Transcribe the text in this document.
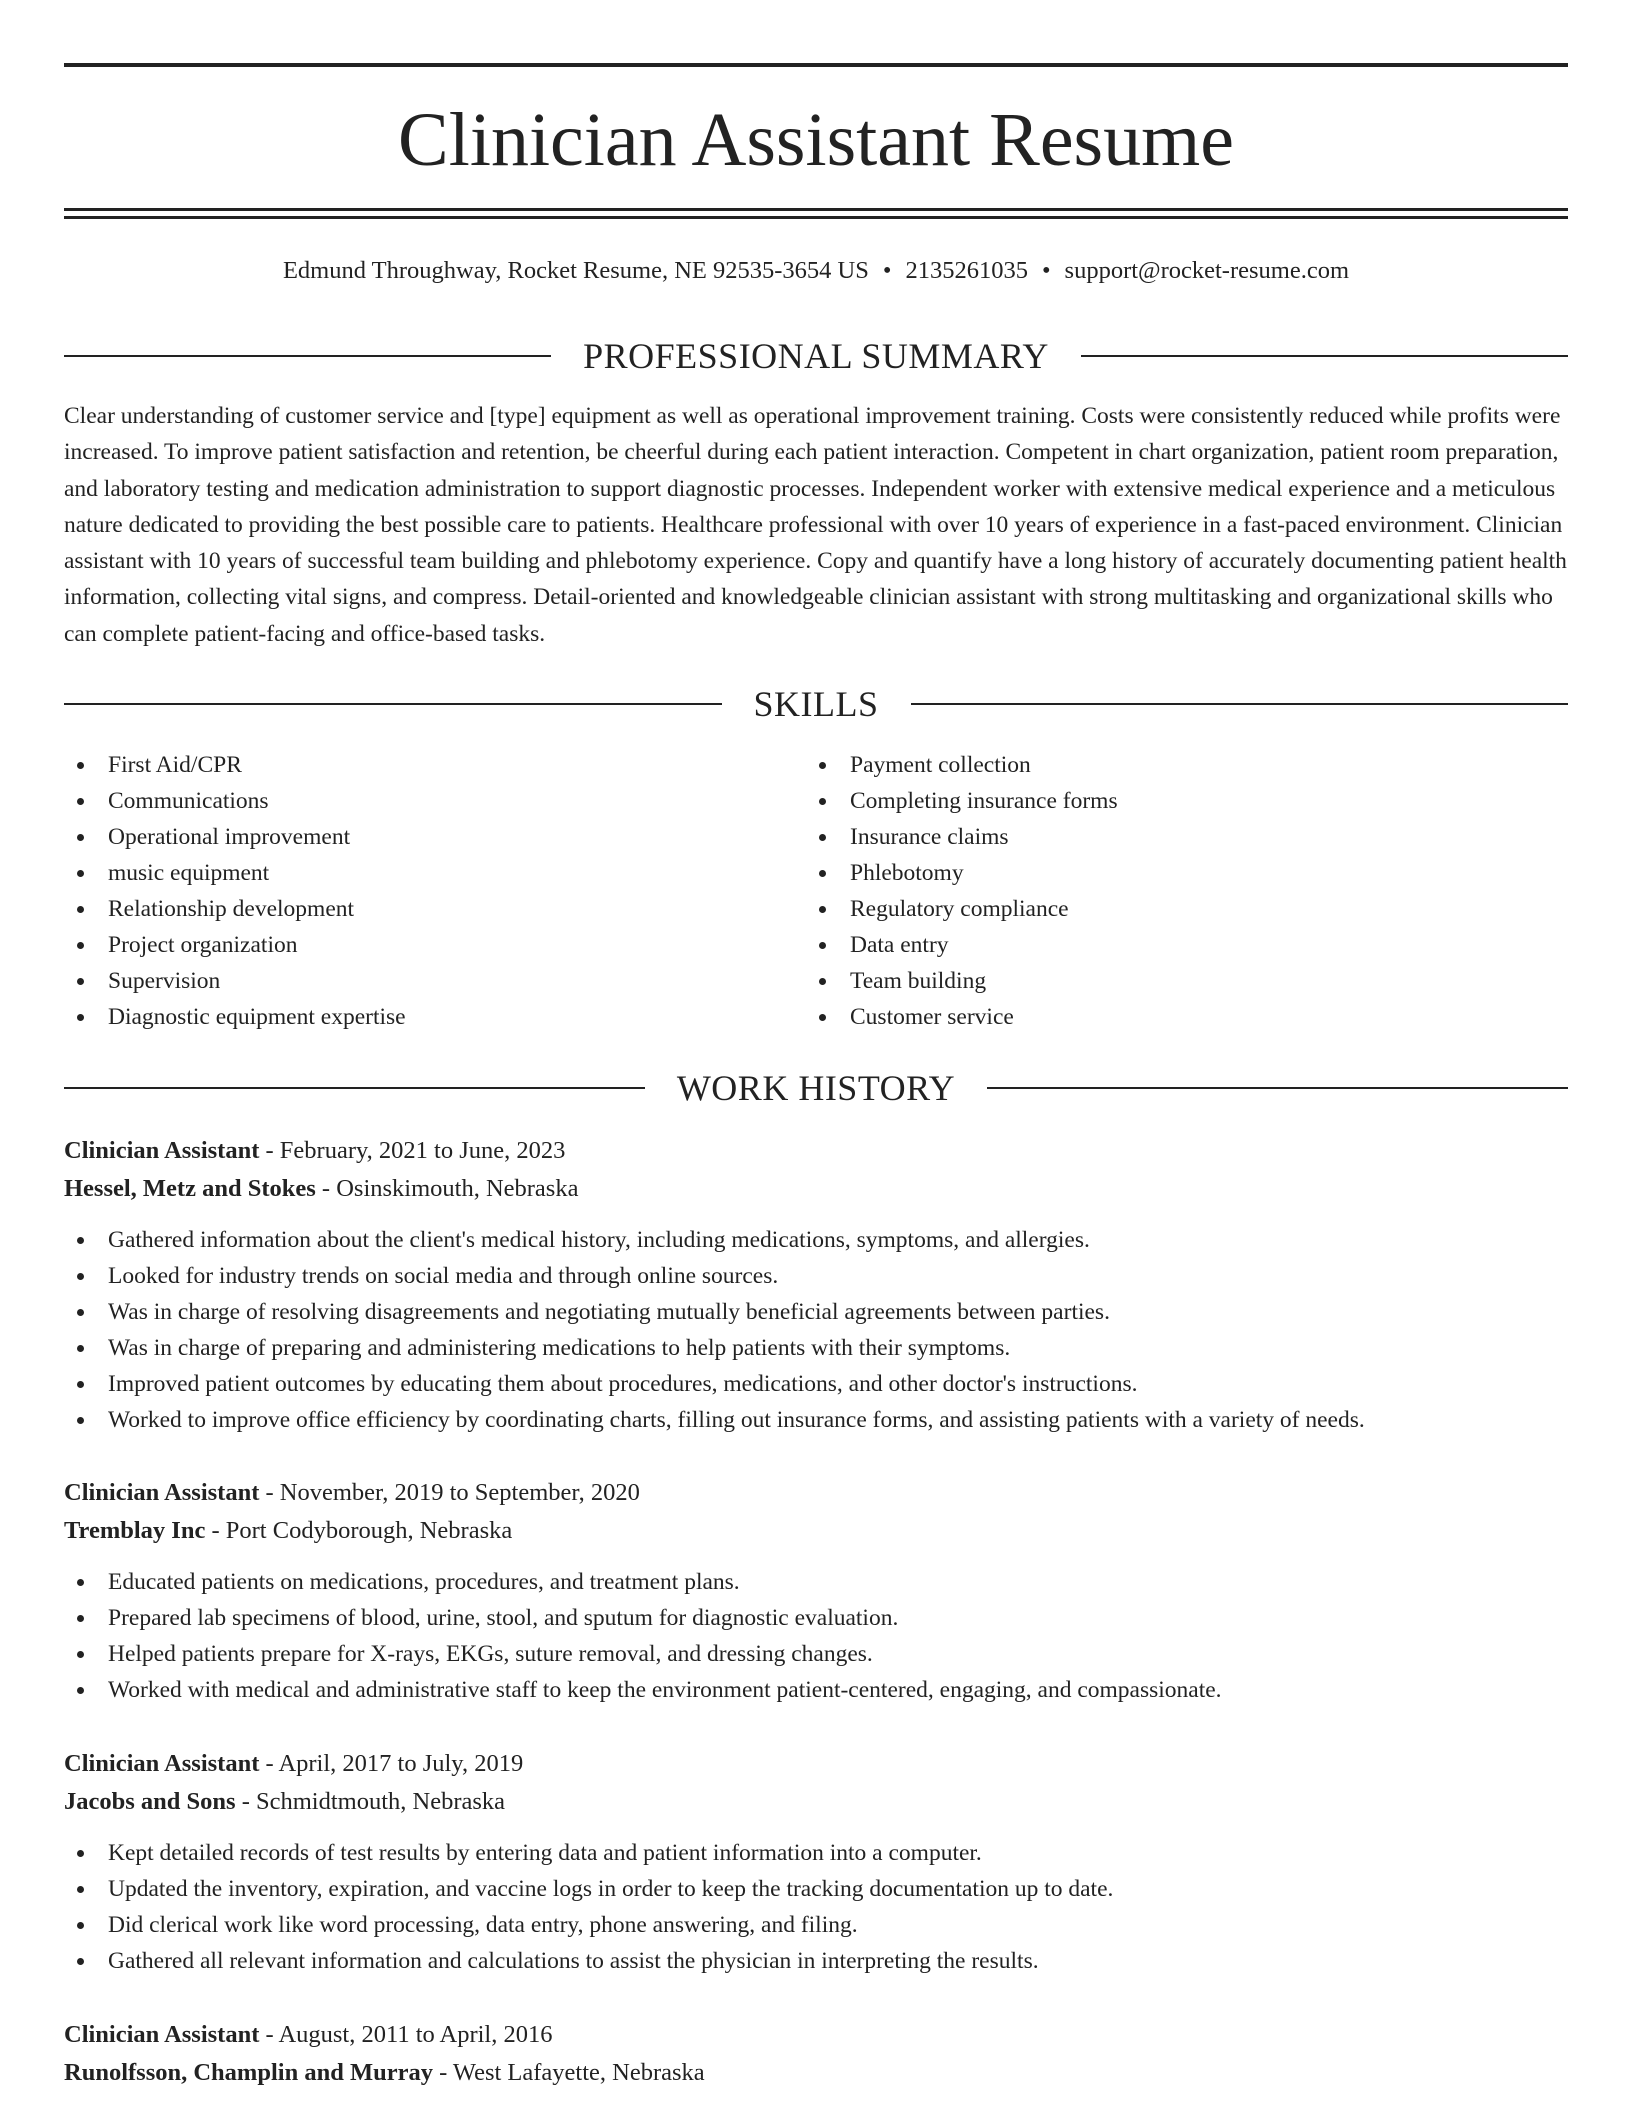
Clinician Assistant Resume
Edmund Throughway, Rocket Resume, NE 92535-3654 US • 2135261035 • support@rocket-resume.com
PROFESSIONAL SUMMARY
Clear understanding of customer service and [type] equipment as well as operational improvement training. Costs were consistently reduced while profits were increased. To improve patient satisfaction and retention, be cheerful during each patient interaction. Competent in chart organization, patient room preparation, and laboratory testing and medication administration to support diagnostic processes. Independent worker with extensive medical experience and a meticulous nature dedicated to providing the best possible care to patients. Healthcare professional with over 10 years of experience in a fast-paced environment. Clinician assistant with 10 years of successful team building and phlebotomy experience. Copy and quantify have a long history of accurately documenting patient health information, collecting vital signs, and compress. Detail-oriented and knowledgeable clinician assistant with strong multitasking and organizational skills who can complete patient-facing and office-based tasks.
SKILLS
First Aid/CPR
Communications
Operational improvement
music equipment
Relationship development
Project organization
Supervision
Diagnostic equipment expertise
Payment collection
Completing insurance forms
Insurance claims
Phlebotomy
Regulatory compliance
Data entry
Team building
Customer service
WORK HISTORY
Clinician Assistant - February, 2021 to June, 2023
Hessel, Metz and Stokes - Osinskimouth, Nebraska
Gathered information about the client's medical history, including medications, symptoms, and allergies.
Looked for industry trends on social media and through online sources.
Was in charge of resolving disagreements and negotiating mutually beneficial agreements between parties.
Was in charge of preparing and administering medications to help patients with their symptoms.
Improved patient outcomes by educating them about procedures, medications, and other doctor's instructions.
Worked to improve office efficiency by coordinating charts, filling out insurance forms, and assisting patients with a variety of needs.
Clinician Assistant - November, 2019 to September, 2020
Tremblay Inc - Port Codyborough, Nebraska
Educated patients on medications, procedures, and treatment plans.
Prepared lab specimens of blood, urine, stool, and sputum for diagnostic evaluation.
Helped patients prepare for X-rays, EKGs, suture removal, and dressing changes.
Worked with medical and administrative staff to keep the environment patient-centered, engaging, and compassionate.
Clinician Assistant - April, 2017 to July, 2019
Jacobs and Sons - Schmidtmouth, Nebraska
Kept detailed records of test results by entering data and patient information into a computer.
Updated the inventory, expiration, and vaccine logs in order to keep the tracking documentation up to date.
Did clerical work like word processing, data entry, phone answering, and filing.
Gathered all relevant information and calculations to assist the physician in interpreting the results.
Clinician Assistant - August, 2011 to April, 2016
Runolfsson, Champlin and Murray - West Lafayette, Nebraska
